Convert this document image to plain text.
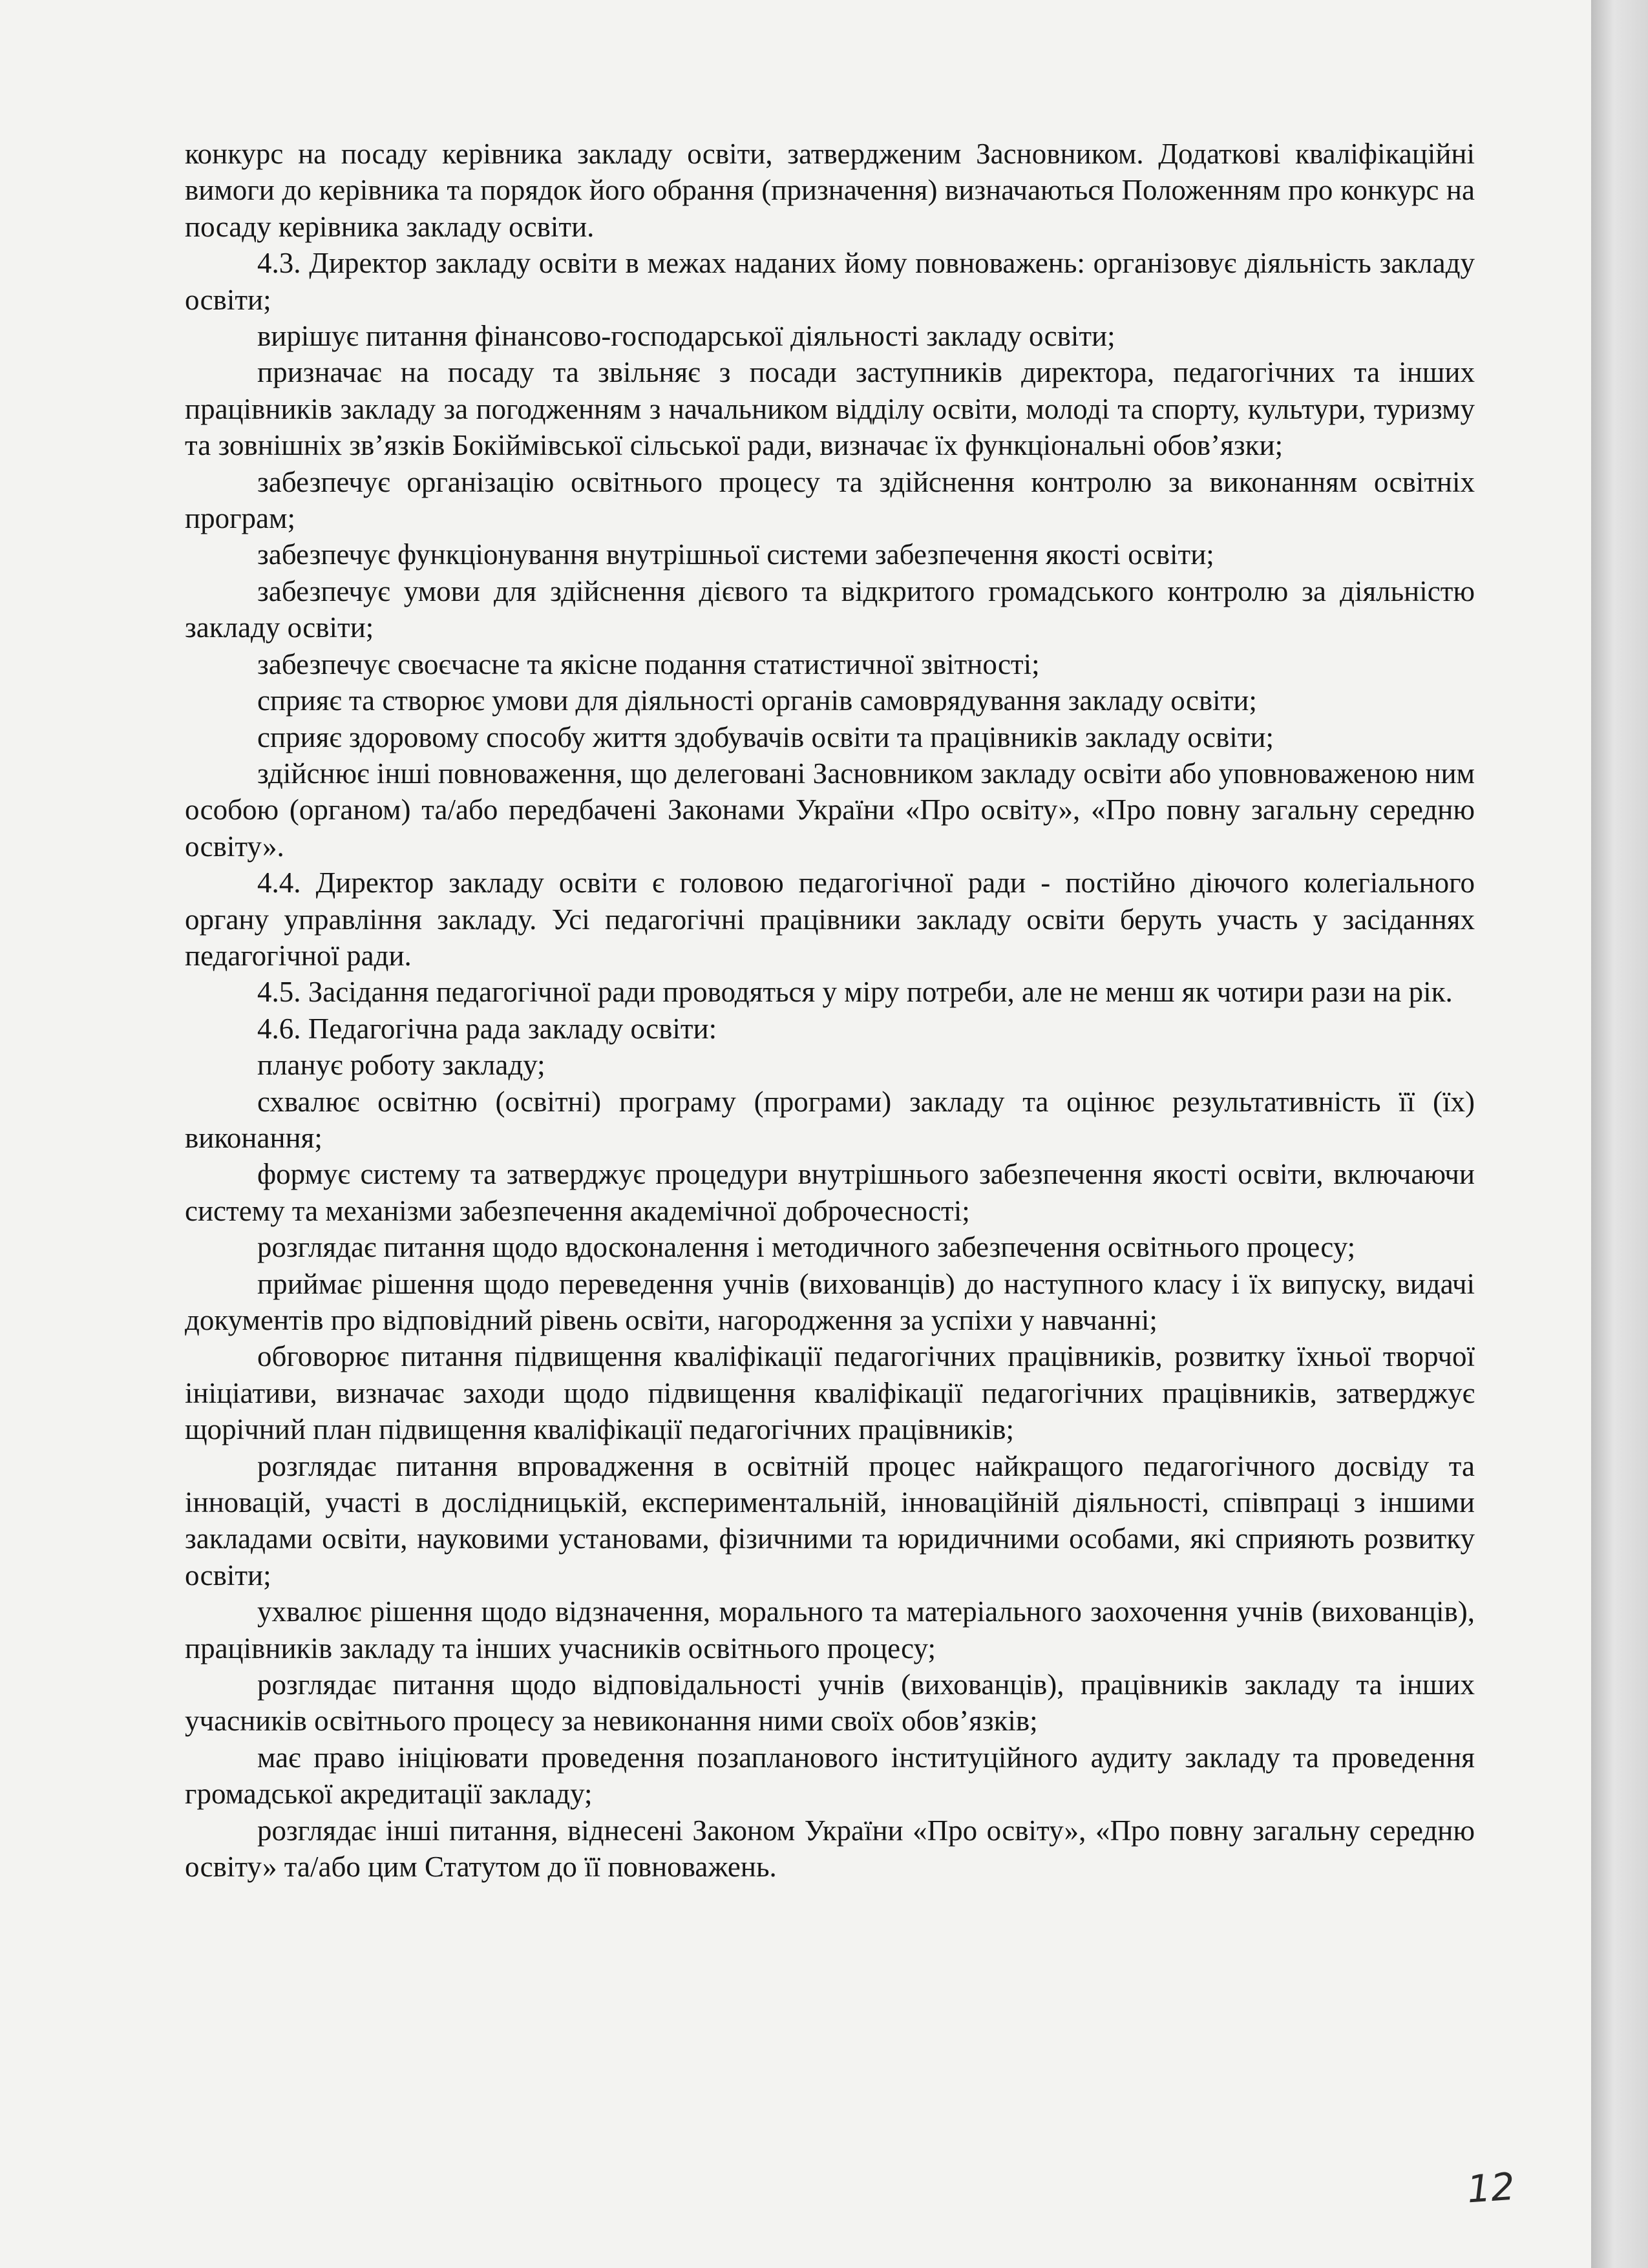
конкурс на посаду керівника закладу освіти, затвердженим Засновником. Додаткові кваліфікаційні вимоги до керівника та порядок його обрання (призначення) визначаються Положенням про конкурс на посаду керівника закладу освіти.

4.3. Директор закладу освіти в межах наданих йому повноважень: організовує діяльність закладу освіти;

вирішує питання фінансово-господарської діяльності закладу освіти;

призначає на посаду та звільняє з посади заступників директора, педагогічних та інших працівників закладу за погодженням з начальником відділу освіти, молоді та спорту, культури, туризму та зовнішніх зв’язків Бокіймівської сільської ради, визначає їх функціональні обов’язки;

забезпечує організацію освітнього процесу та здійснення контролю за виконанням освітніх програм;

забезпечує функціонування внутрішньої системи забезпечення якості освіти;

забезпечує умови для здійснення дієвого та відкритого громадського контролю за діяльністю закладу освіти;

забезпечує своєчасне та якісне подання статистичної звітності;

сприяє та створює умови для діяльності органів самоврядування закладу освіти;

сприяє здоровому способу життя здобувачів освіти та працівників закладу освіти;

здійснює інші повноваження, що делеговані Засновником закладу освіти або уповноваженою ним особою (органом) та/або передбачені Законами України «Про освіту», «Про повну загальну середню освіту».

4.4. Директор закладу освіти є головою педагогічної ради - постійно діючого колегіального органу управління закладу. Усі педагогічні працівники закладу освіти беруть участь у засіданнях педагогічної ради.

4.5. Засідання педагогічної ради проводяться у міру потреби, але не менш як чотири рази на рік.

4.6. Педагогічна рада закладу освіти:

планує роботу закладу;

схвалює освітню (освітні) програму (програми) закладу та оцінює результативність її (їх) виконання;

формує систему та затверджує процедури внутрішнього забезпечення якості освіти, включаючи систему та механізми забезпечення академічної доброчесності;

розглядає питання щодо вдосконалення і методичного забезпечення освітнього процесу;

приймає рішення щодо переведення учнів (вихованців) до наступного класу і їх випуску, видачі документів про відповідний рівень освіти, нагородження за успіхи у навчанні;

обговорює питання підвищення кваліфікації педагогічних працівників, розвитку їхньої творчої ініціативи, визначає заходи щодо підвищення кваліфікації педагогічних працівників, затверджує щорічний план підвищення кваліфікації педагогічних працівників;

розглядає питання впровадження в освітній процес найкращого педагогічного досвіду та інновацій, участі в дослідницькій, експериментальній, інноваційній діяльності, співпраці з іншими закладами освіти, науковими установами, фізичними та юридичними особами, які сприяють розвитку освіти;

ухвалює рішення щодо відзначення, морального та матеріального заохочення учнів (вихованців), працівників закладу та інших учасників освітнього процесу;

розглядає питання щодо відповідальності учнів (вихованців), працівників закладу та інших учасників освітнього процесу за невиконання ними своїх обов’язків;

має право ініціювати проведення позапланового інституційного аудиту закладу та проведення громадської акредитації закладу;

розглядає інші питання, віднесені Законом України «Про освіту», «Про повну загальну середню освіту» та/або цим Статутом до її повноважень.

12
